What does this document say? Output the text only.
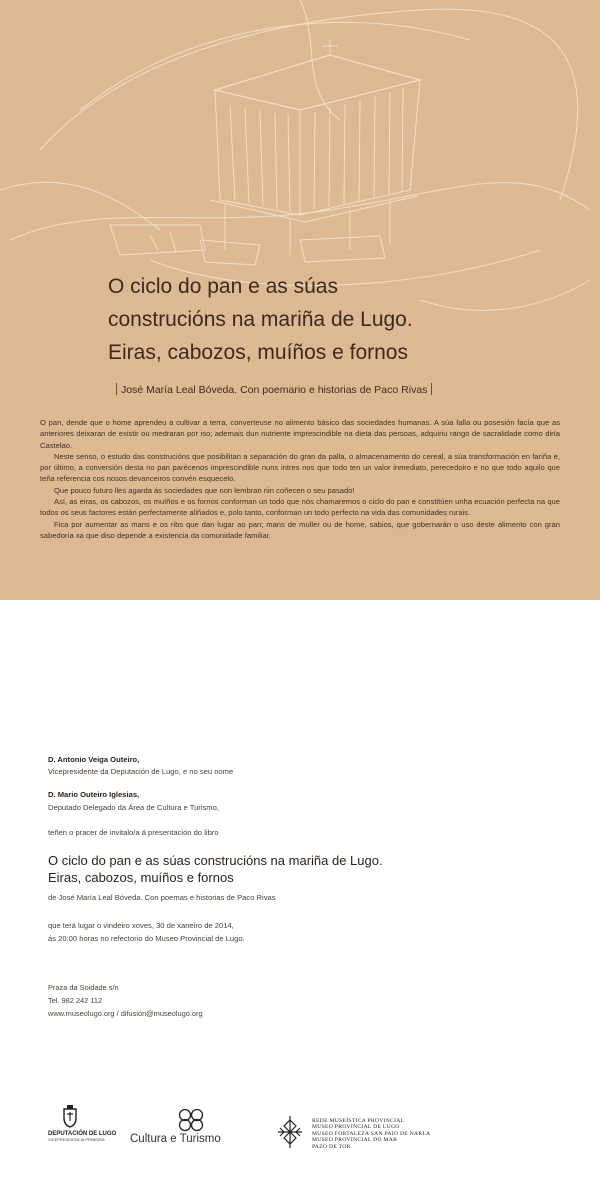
O ciclo do pan e as súas
construcións na mariña de Lugo.
Eiras, cabozos, muíños e fornos
José María Leal Bóveda. Con poemario e historias de Paco Rivas

O pan, dende que o home aprendeu a cultivar a terra, converteuse no alimento básico das sociedades humanas. A súa falla ou posesión facía que as anteriores deixaran de existir ou medraran por iso; ademais dun nutriente imprescindible na dieta das persoas, adquiriu rango de sacralidade como diría Castelao.

Neste senso, o estudo das construcións que posibilitan a separación do gran da palla, o almacenamento do cereal, a súa transformación en fariña e, por último, a conversión desta no pan parécenos imprescindible nuns intres nos que todo ten un valor inmediato, perecedoiro e no que todo aquilo que teña referencia cos nosos devanceiros convén esquecelo.

Que pouco futuro lles agarda ás sociedades que non lembran nin coñecen o seu pasado!

Así, as eiras, os cabozos, os muíños e os fornos conforman un todo que nós chamaremos o ciclo do pan e constitúen unha ecuación perfecta na que todos os seus factores están perfectamente aliñados e, polo tanto, conforman un todo perfecto na vida das comunidades rurais.

Fica por aumentar as mans e os ribs que dan lugar ao pan; mans de muller ou de home, sabios, que gobernarán o uso deste alimento con gran sabedoría xa que diso depende a existencia da comunidade familiar.

D. Antonio Veiga Outeiro,
Vicepresidente da Deputación de Lugo, e no seu nome
D. Mario Outeiro Iglesias,
Deputado Delegado da Área de Cultura e Turismo,
teñen o pracer de invitalo/a á presentación do libro
O ciclo do pan e as súas construcións na mariña de Lugo.
Eiras, cabozos, muíños e fornos
de José María Leal Bóveda. Con poemas e historias de Paco Rivas
que terá lugar o vindeiro xoves, 30 de xaneiro de 2014,
ás 20:00 horas no refectorio do Museo Provincial de Lugo.
Praza da Soidade s/n
Tel. 982 242 112
www.museolugo.org / difusión@museolugo.org
DEPUTACIÓN DE LUGO
VICEPRESIDENCIA PRIMEIRA	Cultura e Turismo
REDE MUSEÍSTICA PROVINCIAL
MUSEO PROVINCIAL DE LUGO
MUSEO FORTALEZA SAN PAIO DE NARLA
MUSEO PROVINCIAL DO MAR
PAZO DE TOR
